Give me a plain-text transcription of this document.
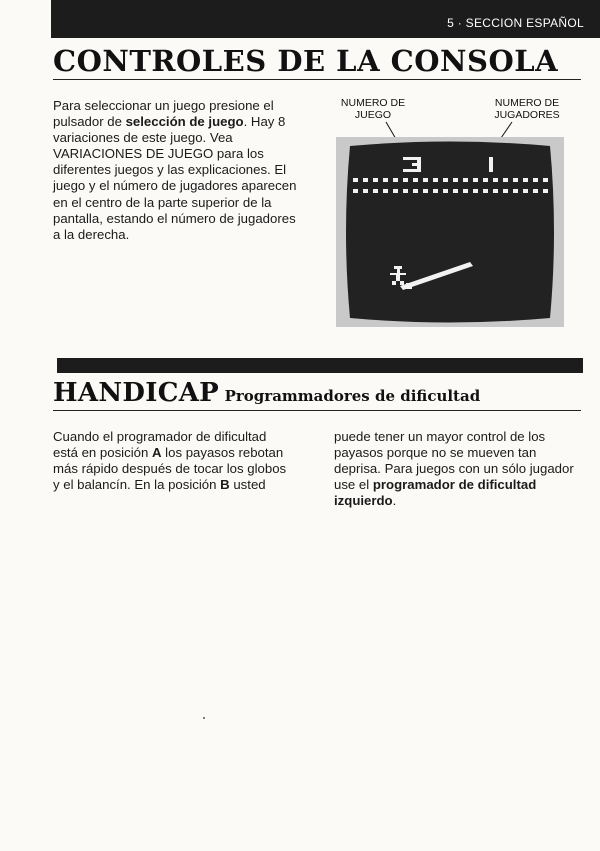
5 · SECCION ESPAÑOL
CONTROLES DE LA CONSOLA

Para seleccionar un juego presione el pulsador de selección de juego. Hay 8 variaciones de este juego. Vea VARIACIONES DE JUEGO para los diferentes juegos y las explicaciones. El juego y el número de jugadores aparecen en el centro de la parte superior de la pantalla, estando el número de jugadores a la derecha.

NUMERO DE JUEGO
NUMERO DE JUGADORES
HANDICAP Programmadores de dificultad

Cuando el programador de dificultad está en posición A los payasos rebotan más rápido después de tocar los globos y el balancín. En la posición B usted

puede tener un mayor control de los payasos porque no se mueven tan deprisa. Para juegos con un sólo jugador use el programador de dificultad izquierdo.
